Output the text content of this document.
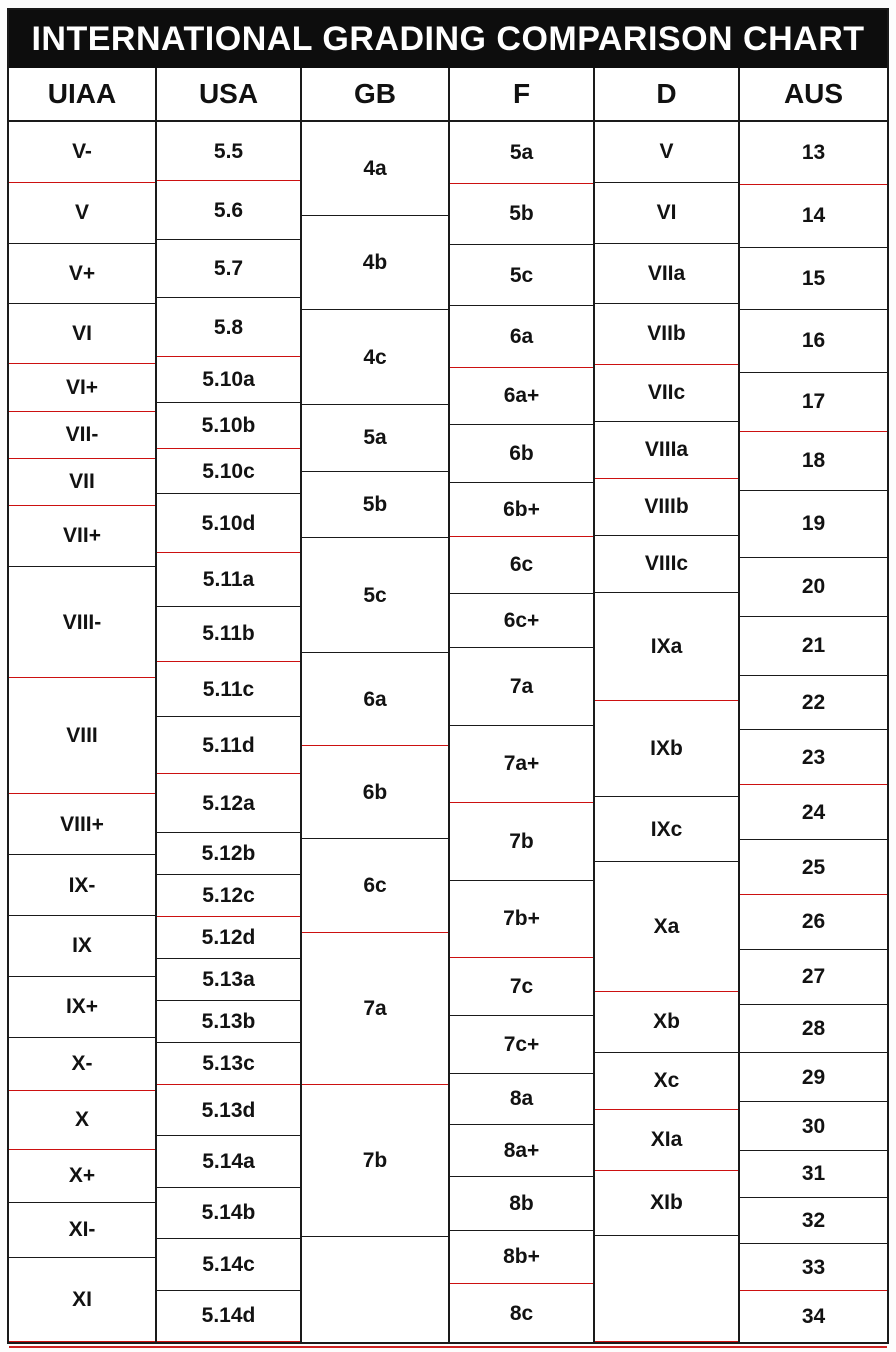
INTERNATIONAL GRADING COMPARISON CHART
UIAA
V-
V
V+
VI
VI+
VII-
VII
VII+
VIII-
VIII
VIII+
IX-
IX
IX+
X-
X
X+
XI-
XI
USA
5.5
5.6
5.7
5.8
5.10a
5.10b
5.10c
5.10d
5.11a
5.11b
5.11c
5.11d
5.12a
5.12b
5.12c
5.12d
5.13a
5.13b
5.13c
5.13d
5.14a
5.14b
5.14c
5.14d
GB
4a
4b
4c
5a
5b
5c
6a
6b
6c
7a
7b
F
5a
5b
5c
6a
6a+
6b
6b+
6c
6c+
7a
7a+
7b
7b+
7c
7c+
8a
8a+
8b
8b+
8c
D
V
VI
VIIa
VIIb
VIIc
VIIIa
VIIIb
VIIIc
IXa
IXb
IXc
Xa
Xb
Xc
XIa
XIb
AUS
13
14
15
16
17
18
19
20
21
22
23
24
25
26
27
28
29
30
31
32
33
34
